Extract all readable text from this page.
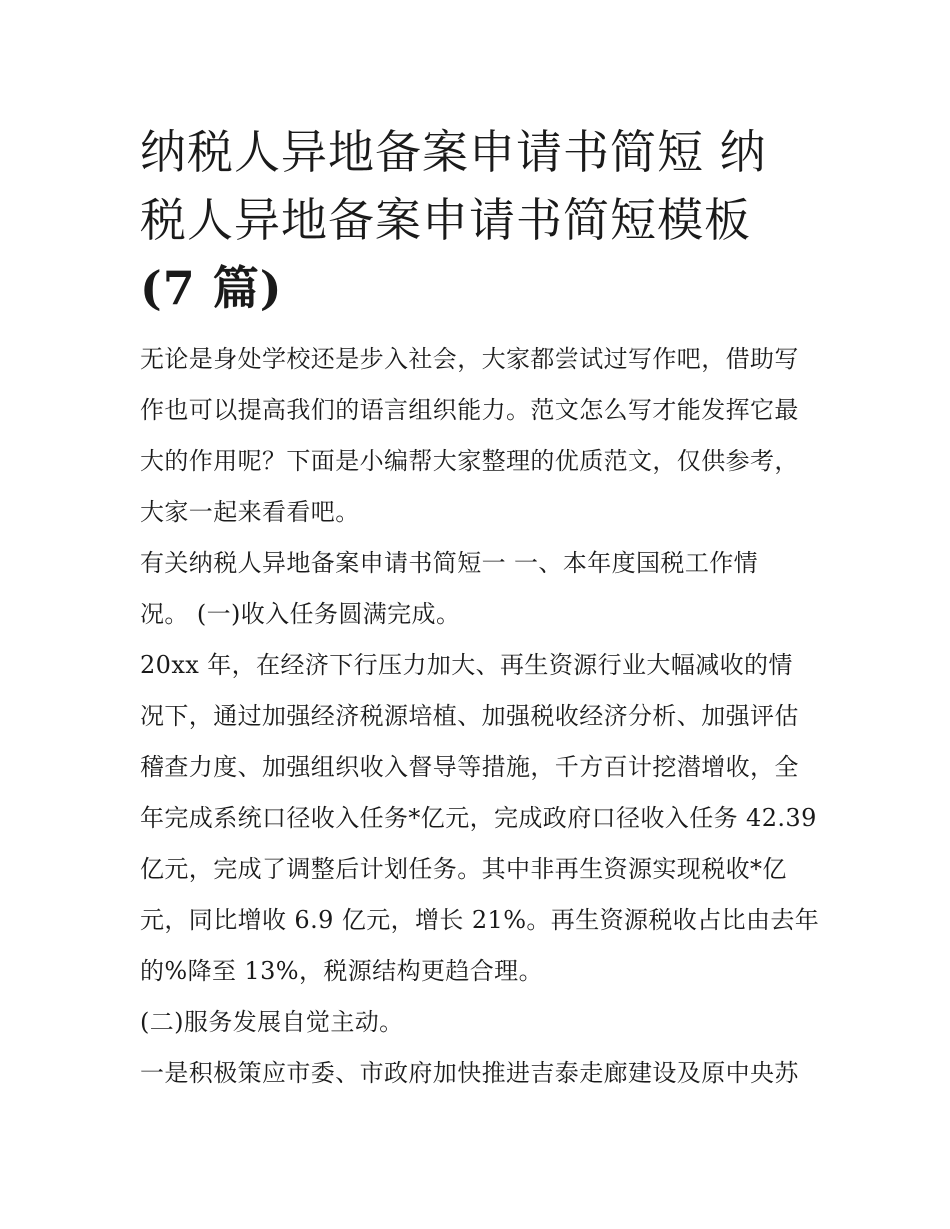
纳税人异地备案申请书简短 纳
税人异地备案申请书简短模板
(7 篇)

无论是身处学校还是步入社会，大家都尝试过写作吧，借助写
作也可以提高我们的语言组织能力。范文怎么写才能发挥它最
大的作用呢？下面是小编帮大家整理的优质范文，仅供参考，
大家一起来看看吧。

有关纳税人异地备案申请书简短一 一、本年度国税工作情
况。 (一)收入任务圆满完成。

20xx 年，在经济下行压力加大、再生资源行业大幅减收的情
况下，通过加强经济税源培植、加强税收经济分析、加强评估
稽查力度、加强组织收入督导等措施，千方百计挖潜增收，全
年完成系统口径收入任务*亿元，完成政府口径收入任务 42.39
亿元，完成了调整后计划任务。其中非再生资源实现税收*亿
元，同比增收 6.9 亿元，增长 21%。再生资源税收占比由去年
的%降至 13%，税源结构更趋合理。

(二)服务发展自觉主动。

一是积极策应市委、市政府加快推进吉泰走廊建设及原中央苏
